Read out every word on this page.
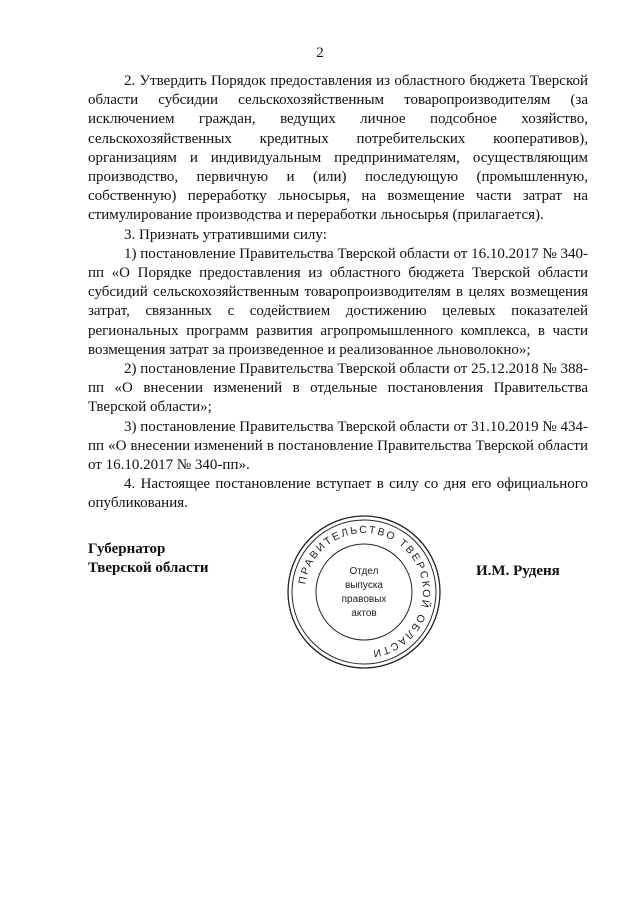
2

2. Утвердить Порядок предоставления из областного бюджета Тверской области субсидии сельскохозяйственным товаропроизводителям (за исключением граждан, ведущих личное подсобное хозяйство, сельскохозяйственных кредитных потребительских кооперативов), организациям и индивидуальным предпринимателям, осуществляющим производство, первичную и (или) последующую (промышленную, собственную) переработку льносырья, на возмещение части затрат на стимулирование производства и переработки льносырья (прилагается).

3. Признать утратившими силу:

1) постановление Правительства Тверской области от 16.10.2017 № 340-пп «О Порядке предоставления из областного бюджета Тверской области субсидий сельскохозяйственным товаропроизводителям в целях возмещения затрат, связанных с содействием достижению целевых показателей региональных программ развития агропромышленного комплекса, в части возмещения затрат за произведенное и реализованное льноволокно»;

2) постановление Правительства Тверской области от 25.12.2018 № 388-пп «О внесении изменений в отдельные постановления Правительства Тверской области»;

3) постановление Правительства Тверской области от 31.10.2019 № 434-пп «О внесении изменений в постановление Правительства Тверской области от 16.10.2017 № 340-пп».

4. Настоящее постановление вступает в силу со дня его официального опубликования.

Губернатор
Тверской области
ПРАВИТЕЛЬСТВО ТВЕРСКОЙ ОБЛАСТИ
Отдел
выпуска
правовых
актов
И.М. Руденя
